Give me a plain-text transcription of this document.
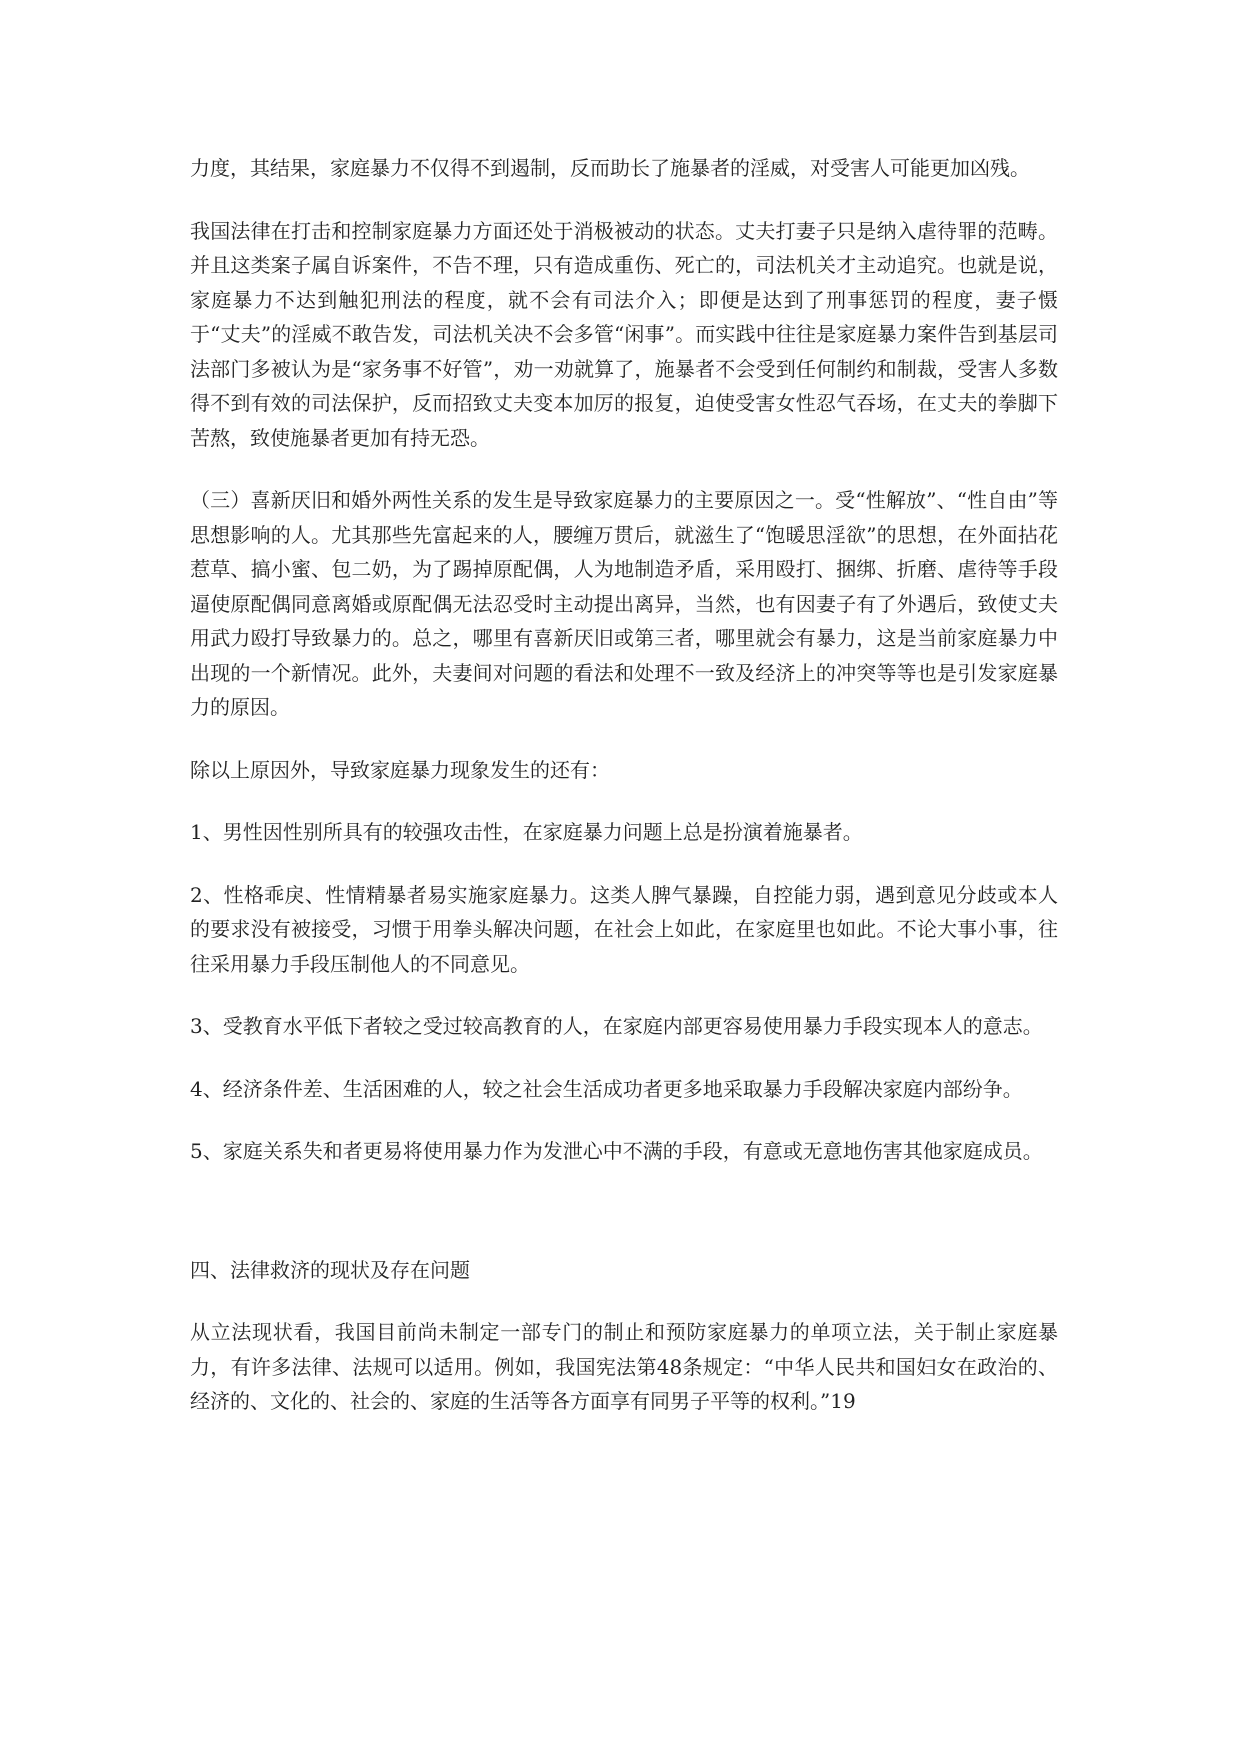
力度，其结果，家庭暴力不仅得不到遏制，反而助长了施暴者的淫威，对受害人可能更加凶残。

我国法律在打击和控制家庭暴力方面还处于消极被动的状态。丈夫打妻子只是纳入虐待罪的范畴。并且这类案子属自诉案件，不告不理，只有造成重伤、死亡的，司法机关才主动追究。也就是说，家庭暴力不达到触犯刑法的程度，就不会有司法介入；即便是达到了刑事惩罚的程度，妻子慑于“丈夫”的淫威不敢告发，司法机关决不会多管“闲事”。而实践中往往是家庭暴力案件告到基层司法部门多被认为是“家务事不好管”，劝一劝就算了，施暴者不会受到任何制约和制裁，受害人多数得不到有效的司法保护，反而招致丈夫变本加厉的报复，迫使受害女性忍气吞场，在丈夫的拳脚下苦熬，致使施暴者更加有持无恐。

（三）喜新厌旧和婚外两性关系的发生是导致家庭暴力的主要原因之一。受“性解放”、“性自由”等思想影响的人。尤其那些先富起来的人，腰缠万贯后，就滋生了“饱暖思淫欲”的思想，在外面拈花惹草、搞小蜜、包二奶，为了踢掉原配偶，人为地制造矛盾，采用殴打、捆绑、折磨、虐待等手段逼使原配偶同意离婚或原配偶无法忍受时主动提出离异，当然，也有因妻子有了外遇后，致使丈夫用武力殴打导致暴力的。总之，哪里有喜新厌旧或第三者，哪里就会有暴力，这是当前家庭暴力中出现的一个新情况。此外，夫妻间对问题的看法和处理不一致及经济上的冲突等等也是引发家庭暴力的原因。

除以上原因外，导致家庭暴力现象发生的还有：

1、男性因性别所具有的较强攻击性，在家庭暴力问题上总是扮演着施暴者。

2、性格乖戾、性情精暴者易实施家庭暴力。这类人脾气暴躁，自控能力弱，遇到意见分歧或本人的要求没有被接受，习惯于用拳头解决问题，在社会上如此，在家庭里也如此。不论大事小事，往往采用暴力手段压制他人的不同意见。

3、受教育水平低下者较之受过较高教育的人，在家庭内部更容易使用暴力手段实现本人的意志。

4、经济条件差、生活困难的人，较之社会生活成功者更多地采取暴力手段解决家庭内部纷争。

5、家庭关系失和者更易将使用暴力作为发泄心中不满的手段，有意或无意地伤害其他家庭成员。

四、法律救济的现状及存在问题

从立法现状看，我国目前尚未制定一部专门的制止和预防家庭暴力的单项立法，关于制止家庭暴力，有许多法律、法规可以适用。例如，我国宪法第48条规定：“中华人民共和国妇女在政治的、经济的、文化的、社会的、家庭的生活等各方面享有同男子平等的权利。”19
